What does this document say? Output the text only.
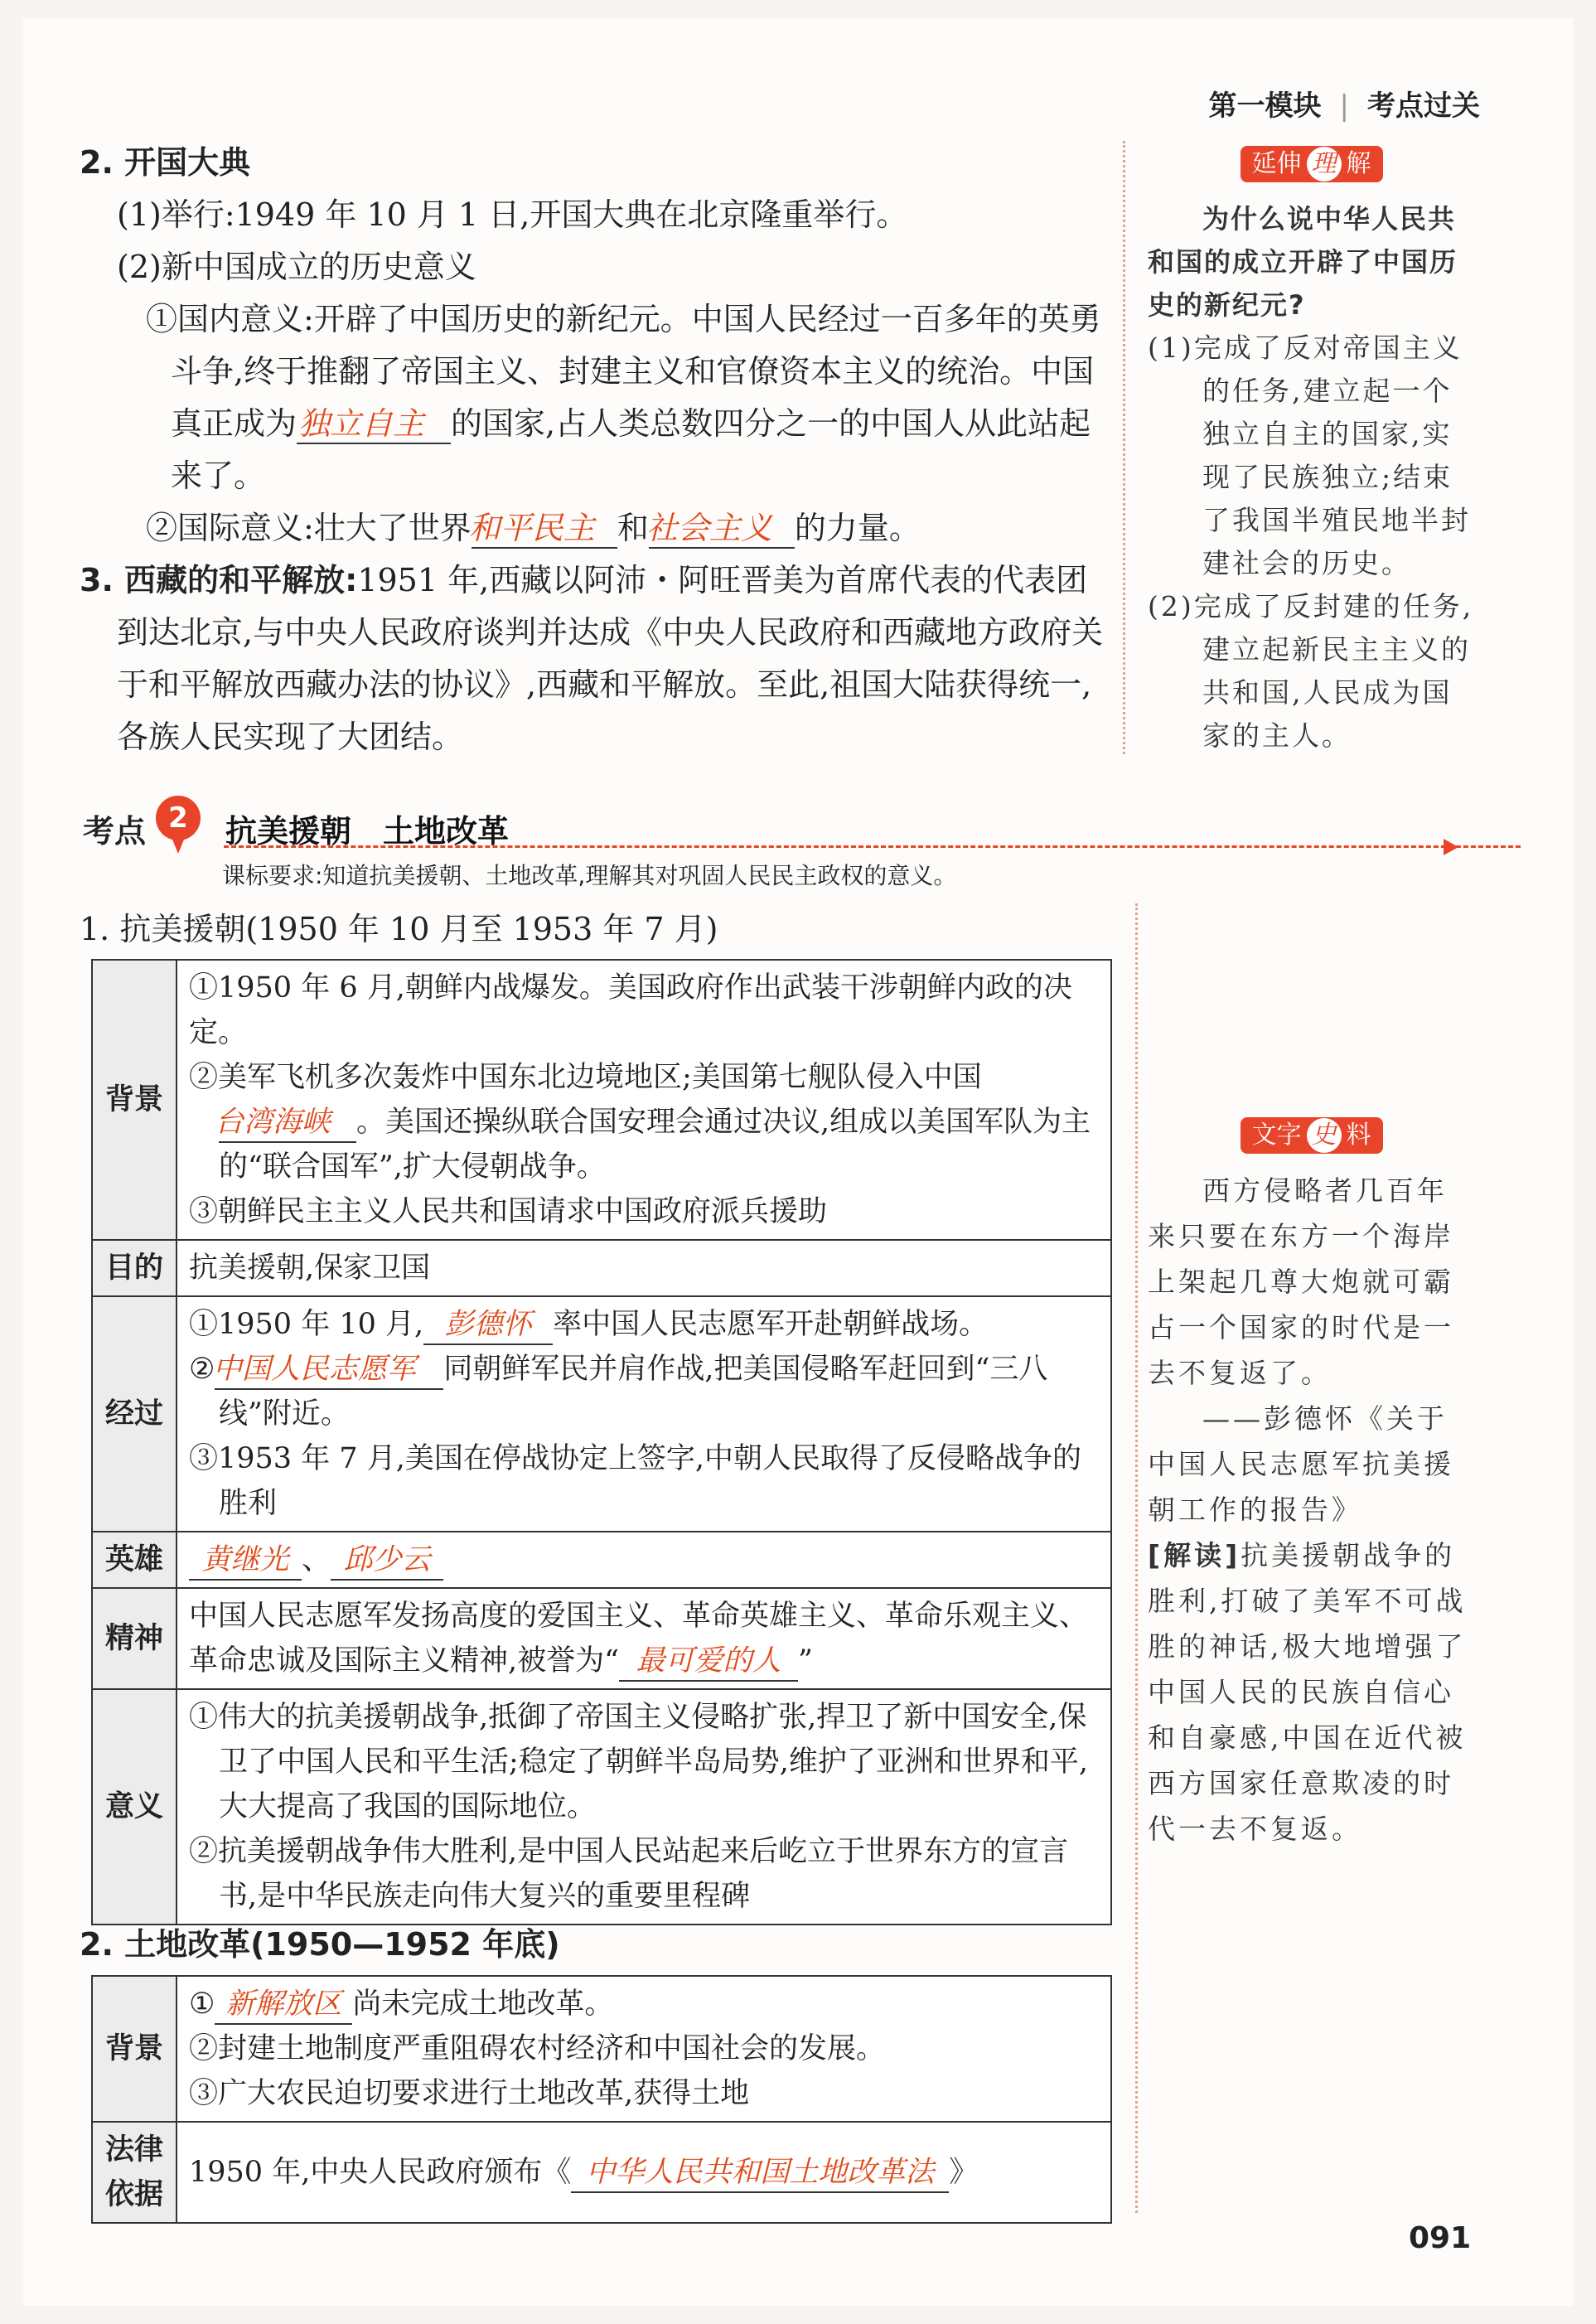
第一模块 | 考点过关

2. 开国大典

(1)举行:1949 年 10 月 1 日,开国大典在北京隆重举行。

(2)新中国成立的历史意义

①国内意义:开辟了中国历史的新纪元。中国人民经过一百多年的英勇斗争,终于推翻了帝国主义、封建主义和官僚资本主义的统治。中国真正成为独立自主 的国家,占人类总数四分之一的中国人从此站起来了。

②国际意义:壮大了世界和平民主 和社会主义 的力量。

3. 西藏的和平解放:1951 年,西藏以阿沛・阿旺晋美为首席代表的代表团到达北京,与中央人民政府谈判并达成《中央人民政府和西藏地方政府关于和平解放西藏办法的协议》,西藏和平解放。至此,祖国大陆获得统一,各族人民实现了大团结。

延伸 理 解

为什么说中华人民共和国的成立开辟了中国历史的新纪元?

(1)完成了反对帝国主义的任务,建立起一个独立自主的国家,实现了民族独立;结束了我国半殖民地半封建社会的历史。

(2)完成了反封建的任务,建立起新民主主义的共和国,人民成为国家的主人。

考点 2	抗美援朝　土地改革
课标要求:知道抗美援朝、土地改革,理解其对巩固人民民主政权的意义。
1. 抗美援朝(1950 年 10 月至 1953 年 7 月)
背景	①1950 年 6 月,朝鲜内战爆发。美国政府作出武装干涉朝鲜内政的决定。
②美军飞机多次轰炸中国东北边境地区;美国第七舰队侵入中国台湾海峡 。美国还操纵联合国安理会通过决议,组成以美国军队为主的“联合国军”,扩大侵朝战争。
③朝鲜民主主义人民共和国请求中国政府派兵援助

目的	抗美援朝,保家卫国
经过	①1950 年 10 月, 彭德怀 率中国人民志愿军开赴朝鲜战场。
②中国人民志愿军 同朝鲜军民并肩作战,把美国侵略军赶回到“三八线”附近。
③1953 年 7 月,美国在停战协定上签字,中朝人民取得了反侵略战争的胜利

英雄	黄继光 、 邱少云
精神	中国人民志愿军发扬高度的爱国主义、革命英雄主义、革命乐观主义、革命忠诚及国际主义精神,被誉为“ 最可爱的人 ”
意义	①伟大的抗美援朝战争,抵御了帝国主义侵略扩张,捍卫了新中国安全,保卫了中国人民和平生活;稳定了朝鲜半岛局势,维护了亚洲和世界和平,大大提高了我国的国际地位。
②抗美援朝战争伟大胜利,是中国人民站起来后屹立于世界东方的宣言书,是中华民族走向伟大复兴的重要里程碑
2. 土地改革(1950—1952 年底)
背景	① 新解放区 尚未完成土地改革。
②封建土地制度严重阻碍农村经济和中国社会的发展。
③广大农民迫切要求进行土地改革,获得土地

法律
依据	1950 年,中央人民政府颁布《 中华人民共和国土地改革法 》
文字 史 料

西方侵略者几百年来只要在东方一个海岸上架起几尊大炮就可霸占一个国家的时代是一去不复返了。

——彭德怀《关于中国人民志愿军抗美援朝工作的报告》

[解读]抗美援朝战争的胜利,打破了美军不可战胜的神话,极大地增强了中国人民的民族自信心和自豪感,中国在近代被西方国家任意欺凌的时代一去不复返。

091
